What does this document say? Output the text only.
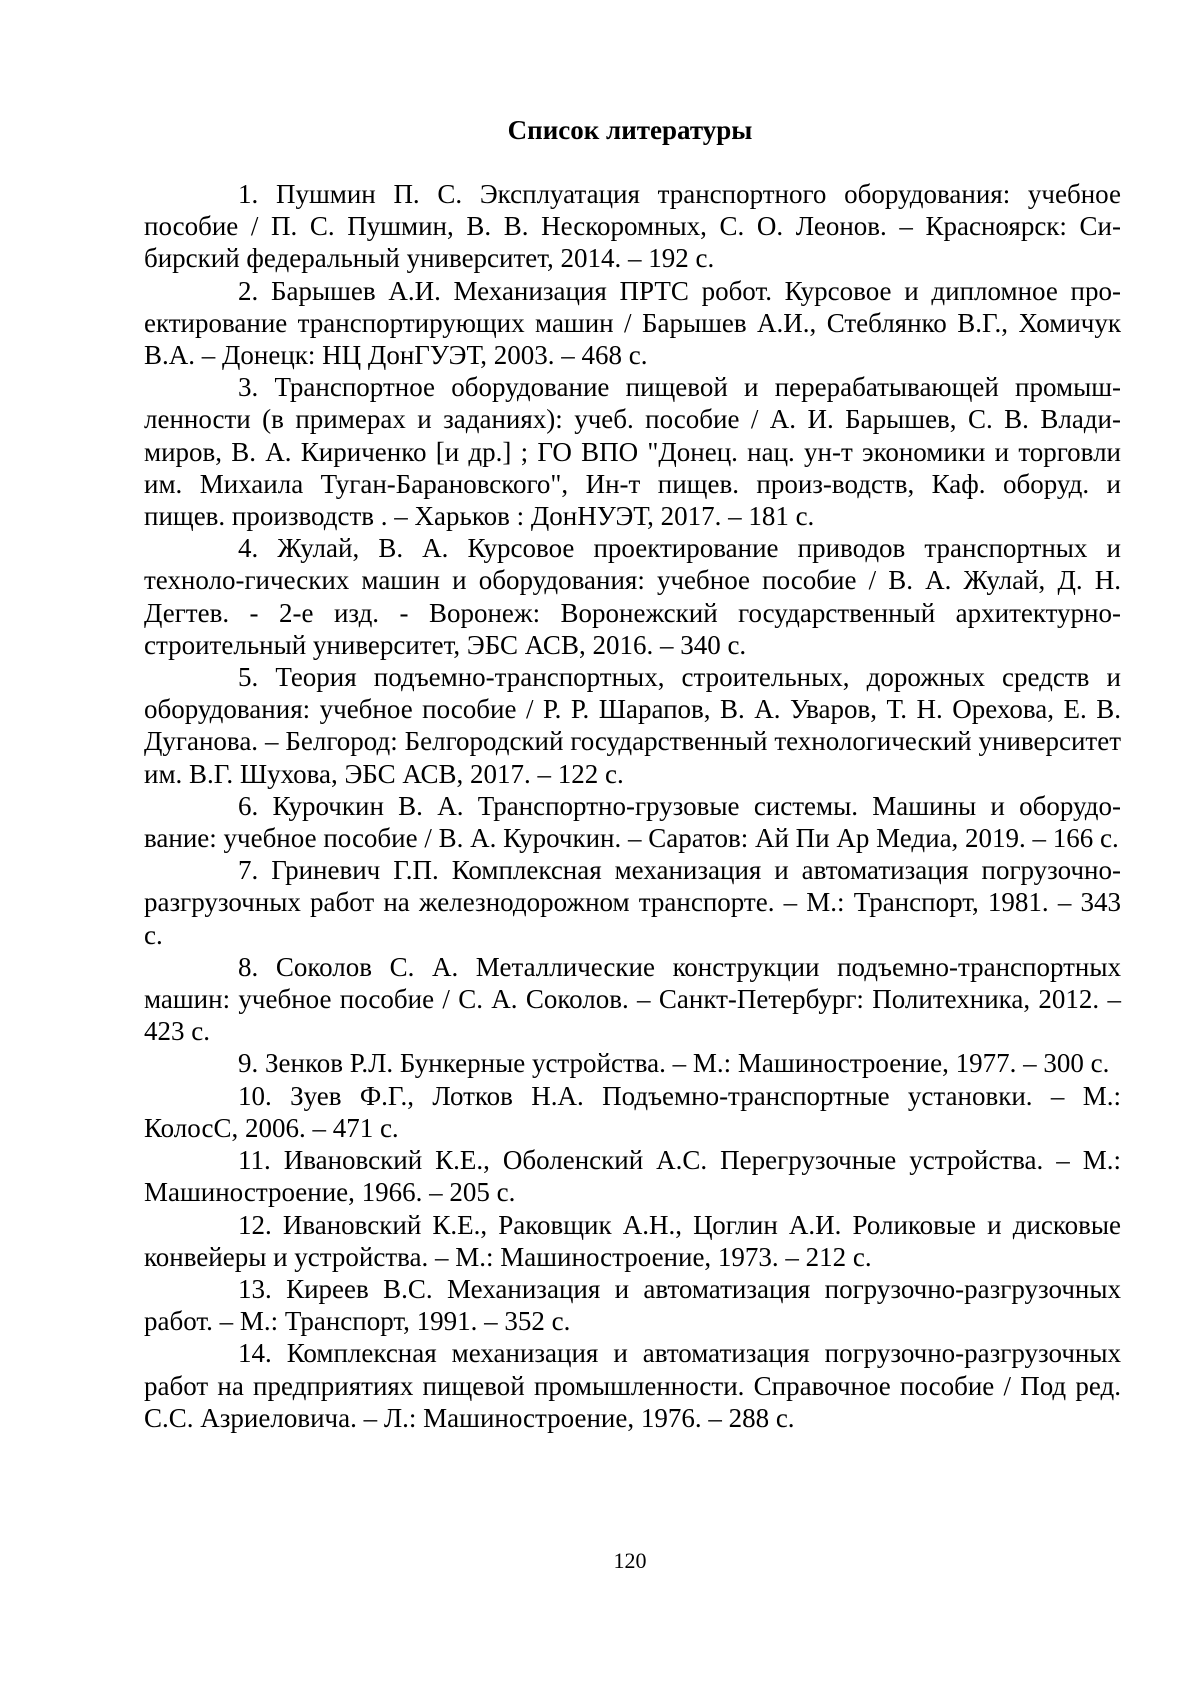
Список литературы

1. Пушмин П. С. Эксплуатация транспортного оборудования: учебное пособие / П. С. Пушмин, В. В. Нескоромных, С. О. Леонов. – Красноярск: Сибирский федеральный университет, 2014. – 192 с.

2. Барышев А.И. Механизация ПРТС робот. Курсовое и дипломное проектирование транспортирующих машин / Барышев А.И., Стеблянко В.Г., Хомичук В.А. – Донецк: НЦ ДонГУЭТ, 2003. – 468 с.

3. Транспортное оборудование пищевой и перерабатывающей промышленности (в примерах и заданиях): учеб. пособие / А. И. Барышев, С. В. Владимиров, В. А. Кириченко [и др.] ; ГО ВПО "Донец. нац. ун-т экономики и торговли им. Михаила Туган-Барановского", Ин-т пищев. произ-водств, Каф. оборуд. и пищев. производств . – Харьков : ДонНУЭТ, 2017. – 181 с.

4. Жулай, В. А. Курсовое проектирование приводов транспортных и техноло-гических машин и оборудования: учебное пособие / В. А. Жулай, Д. Н. Дегтев. - 2-е изд. - Воронеж: Воронежский государственный архитектурно-строительный университет, ЭБС АСВ, 2016. – 340 с.

5. Теория подъемно-транспортных, строительных, дорожных средств и оборудования: учебное пособие / Р. Р. Шарапов, В. А. Уваров, Т. Н. Орехова, Е. В. Дуганова. – Белгород: Белгородский государственный технологический университет им. В.Г. Шухова, ЭБС АСВ, 2017. – 122 с.

6. Курочкин В. А. Транспортно-грузовые системы. Машины и оборудование: учебное пособие / В. А. Курочкин. – Саратов: Ай Пи Ар Медиа, 2019. – 166 с.

7. Гриневич Г.П. Комплексная механизация и автоматизация погрузочно-разгрузочных работ на железнодорожном транспорте. – М.: Транспорт, 1981. – 343 с.

8. Соколов С. А. Металлические конструкции подъемно-транспортных машин: учебное пособие / С. А. Соколов. – Санкт-Петербург: Политехника, 2012. – 423 с.

9. Зенков Р.Л. Бункерные устройства. – М.: Машиностроение, 1977. – 300 с.

10. Зуев Ф.Г., Лотков Н.А. Подъемно-транспортные установки. – М.: КолосС, 2006. – 471 с.

11. Ивановский К.Е., Оболенский А.С. Перегрузочные устройства. – М.: Машиностроение, 1966. – 205 с.

12. Ивановский К.Е., Раковщик А.Н., Цоглин А.И. Роликовые и дисковые конвейеры и устройства. – М.: Машиностроение, 1973. – 212 с.

13. Киреев В.С. Механизация и автоматизация погрузочно-разгрузочных работ. – М.: Транспорт, 1991. – 352 с.

14. Комплексная механизация и автоматизация погрузочно-разгрузочных работ на предприятиях пищевой промышленности. Справочное пособие / Под ред. С.С. Азриеловича. – Л.: Машиностроение, 1976. – 288 с.

120
